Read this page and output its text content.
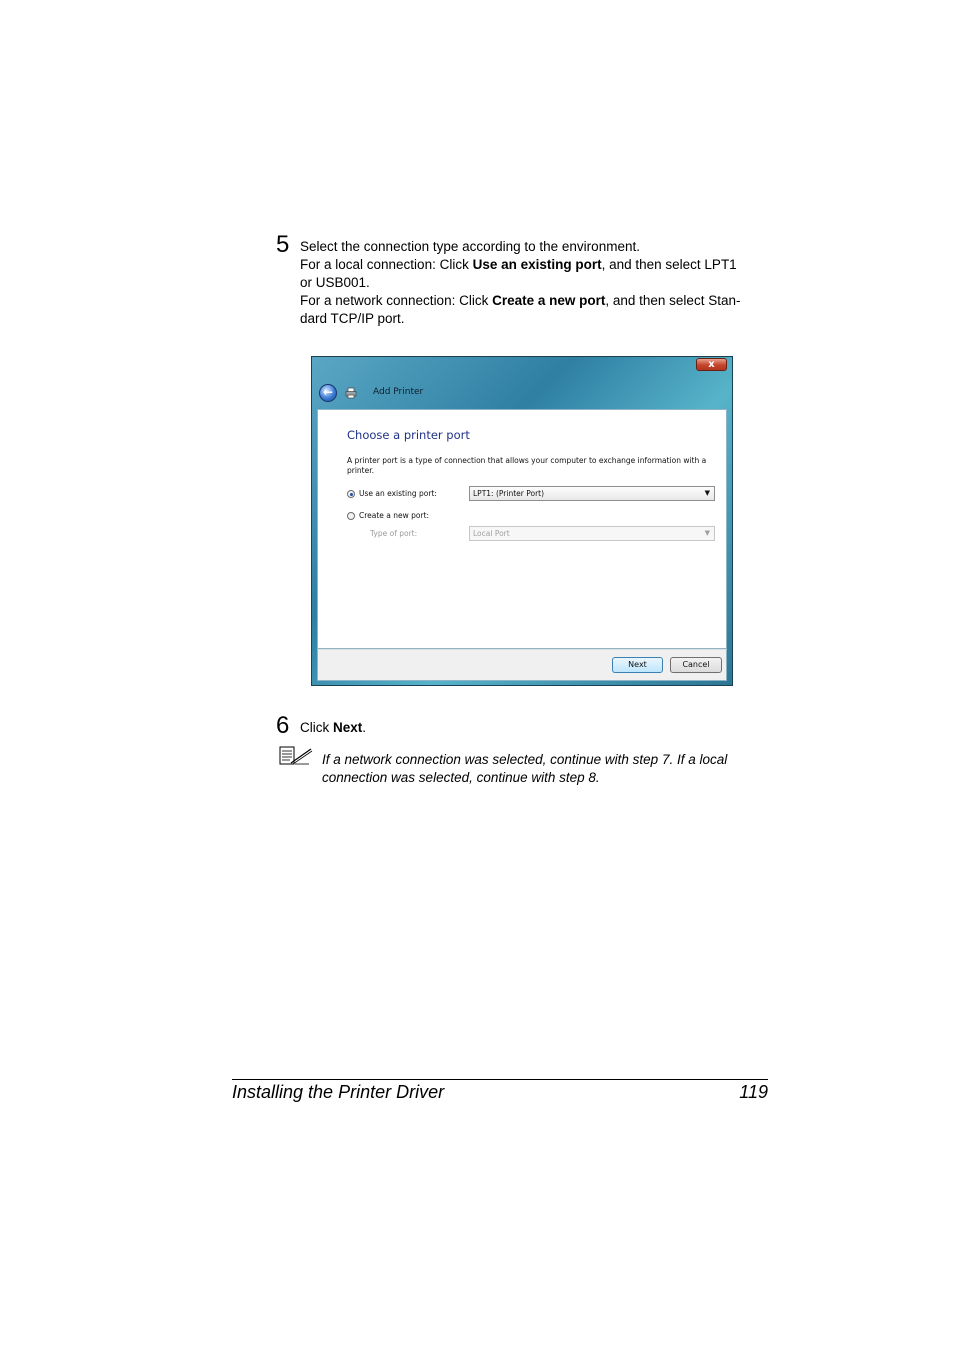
5 Select the connection type according to the environment.
For a local connection: Click Use an existing port, and then select LPT1
or USB001.
For a network connection: Click Create a new port, and then select Stan-
dard TCP/IP port.
x
←	Add Printer
Choose a printer port
A printer port is a type of connection that allows your computer to exchange information with a printer.
Use an existing port:	LPT1: (Printer Port)	▼
Create a new port:
Type of port:	Local Port	▼
Next	Cancel
6 Click Next.
If a network connection was selected, continue with step 7. If a local
connection was selected, continue with step 8.
Installing the Printer Driver	119
